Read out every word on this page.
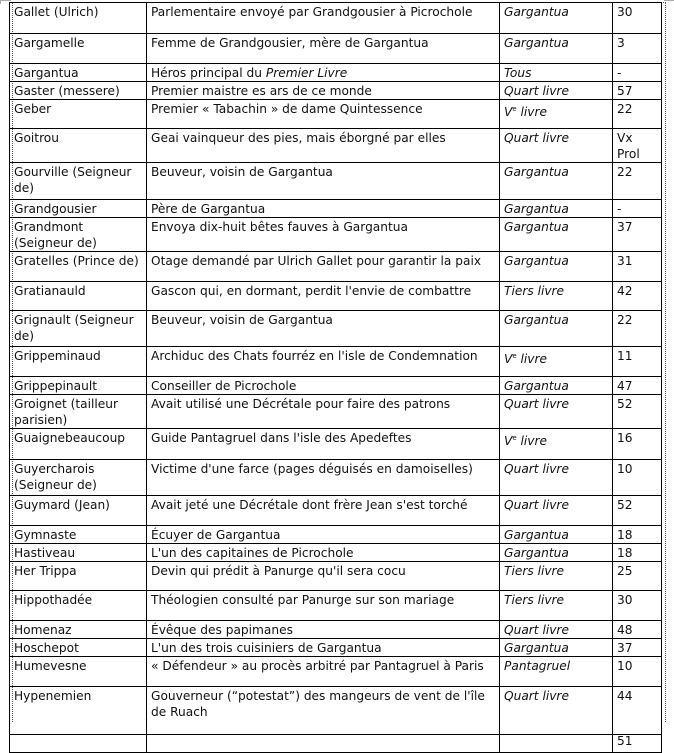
Gallet (Ulrich)	Parlementaire envoyé par Grandgousier à Picrochole	Gargantua	30
Gargamelle	Femme de Grandgousier, mère de Gargantua	Gargantua	3
Gargantua	Héros principal du Premier Livre	Tous	-
Gaster (messere)	Premier maistre es ars de ce monde	Quart livre	57
Geber	Premier « Tabachin » de dame Quintessence	Ve livre	22
Goitrou	Geai vainqueur des pies, mais éborgné par elles	Quart livre	Vx Prol
Gourville (Seigneur de)	Beuveur, voisin de Gargantua	Gargantua	22
Grandgousier	Père de Gargantua	Gargantua	-
Grandmont (Seigneur de)	Envoya dix-huit bêtes fauves à Gargantua	Gargantua	37
Gratelles (Prince de)	Otage demandé par Ulrich Gallet pour garantir la paix	Gargantua	31
Gratianauld	Gascon qui, en dormant, perdit l'envie de combattre	Tiers livre	42
Grignault (Seigneur de)	Beuveur, voisin de Gargantua	Gargantua	22
Grippeminaud	Archiduc des Chats fourréz en l'isle de Condemnation	Ve livre	11
Grippepinault	Conseiller de Picrochole	Gargantua	47
Groignet (tailleur parisien)	Avait utilisé une Décrétale pour faire des patrons	Quart livre	52
Guaignebeaucoup	Guide Pantagruel dans l'isle des Apedeftes	Ve livre	16
Guyercharois (Seigneur de)	Victime d'une farce (pages déguisés en damoiselles)	Quart livre	10
Guymard (Jean)	Avait jeté une Décrétale dont frère Jean s'est torché	Quart livre	52
Gymnaste	Écuyer de Gargantua	Gargantua	18
Hastiveau	L'un des capitaines de Picrochole	Gargantua	18
Her Trippa	Devin qui prédit à Panurge qu'il sera cocu	Tiers livre	25
Hippothadée	Théologien consulté par Panurge sur son mariage	Tiers livre	30
Homenaz	Évêque des papimanes	Quart livre	48
Hoschepot	L'un des trois cuisiniers de Gargantua	Gargantua	37
Humevesne	« Défendeur » au procès arbitré par Pantagruel à Paris	Pantagruel	10
Hypenemien	Gouverneur (“potestat”) des mangeurs de vent de l'île de Ruach	Quart livre	44
			51
